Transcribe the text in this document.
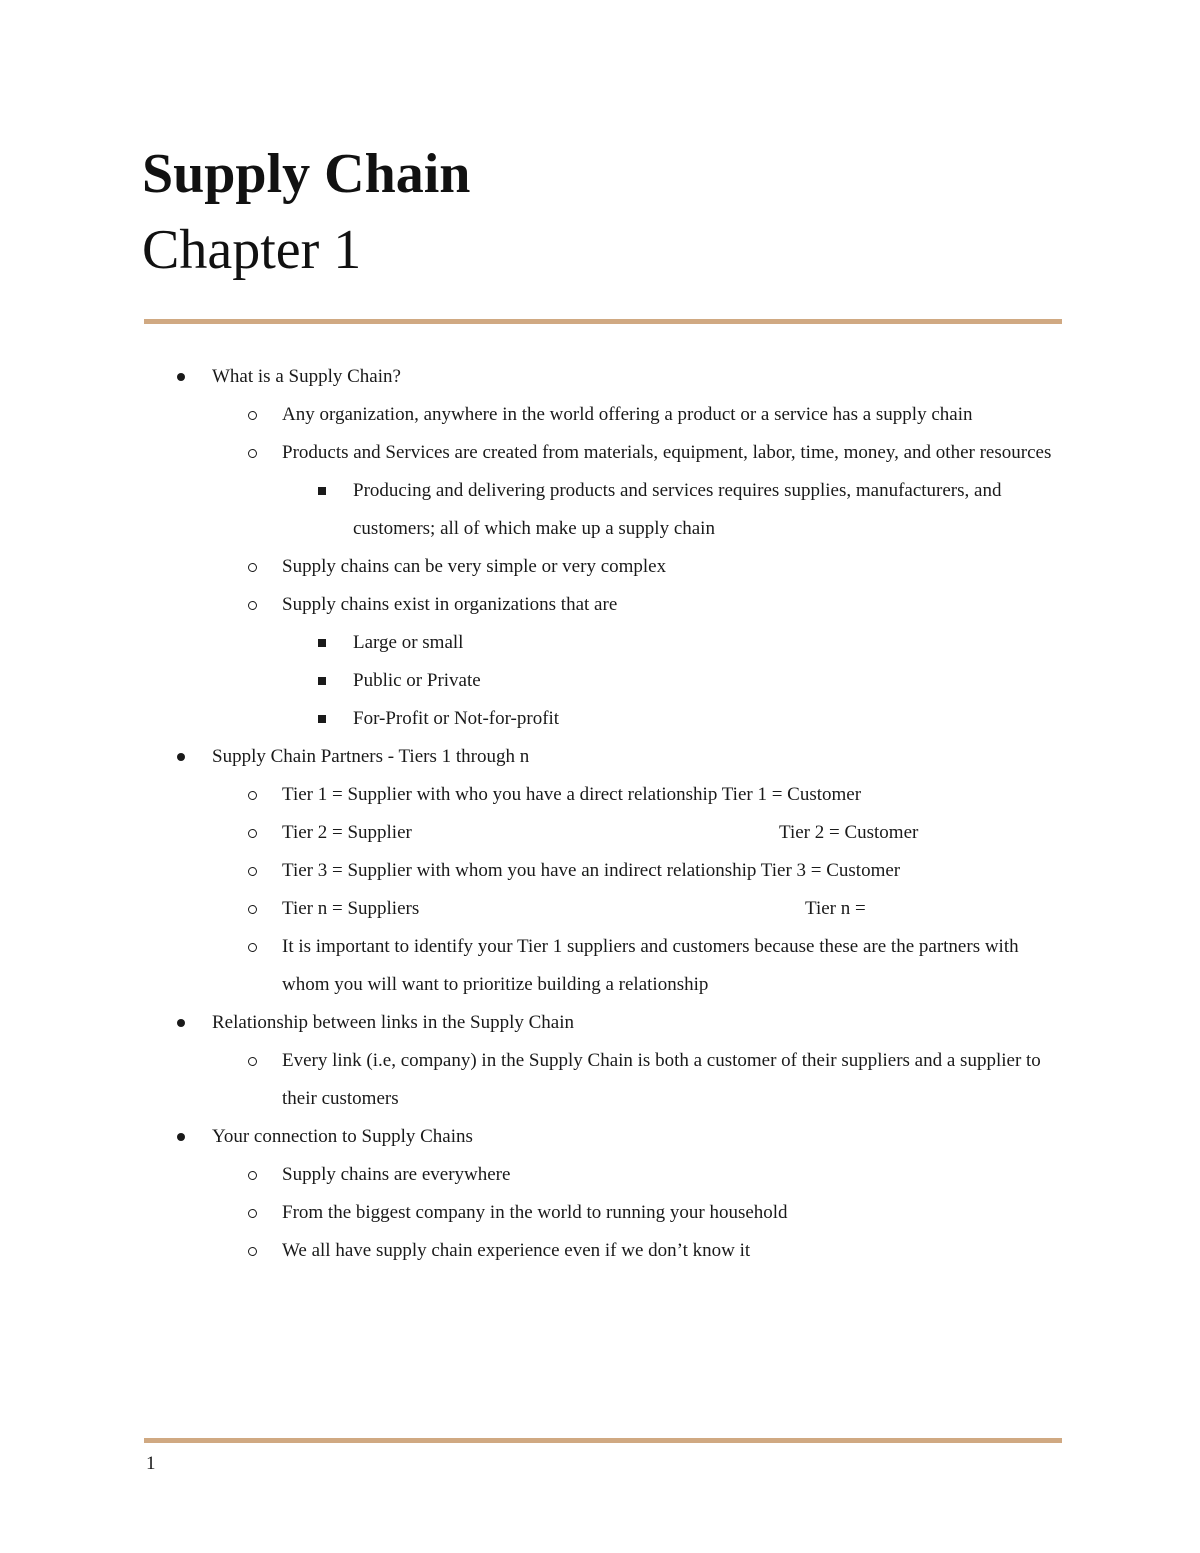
Supply Chain
Chapter 1
What is a Supply Chain?
Any organization, anywhere in the world offering a product or a service has a supply chain
Products and Services are created from materials, equipment, labor, time, money, and other resources
Producing and delivering products and services requires supplies, manufacturers, and customers; all of which make up a supply chain
Supply chains can be very simple or very complex
Supply chains exist in organizations that are
Large or small
Public or Private
For-Profit or Not-for-profit
Supply Chain Partners - Tiers 1 through n
Tier 1 = Supplier with who you have a direct relationship Tier 1 = Customer
Tier 2 = Supplier	Tier 2 = Customer
Tier 3 = Supplier with whom you have an indirect relationship Tier 3 = Customer
Tier n = Suppliers	Tier n =
It is important to identify your Tier 1 suppliers and customers because these are the partners with whom you will want to prioritize building a relationship
Relationship between links in the Supply Chain
Every link (i.e, company) in the Supply Chain is both a customer of their suppliers and a supplier to their customers
Your connection to Supply Chains
Supply chains are everywhere
From the biggest company in the world to running your household
We all have supply chain experience even if we don’t know it
1
